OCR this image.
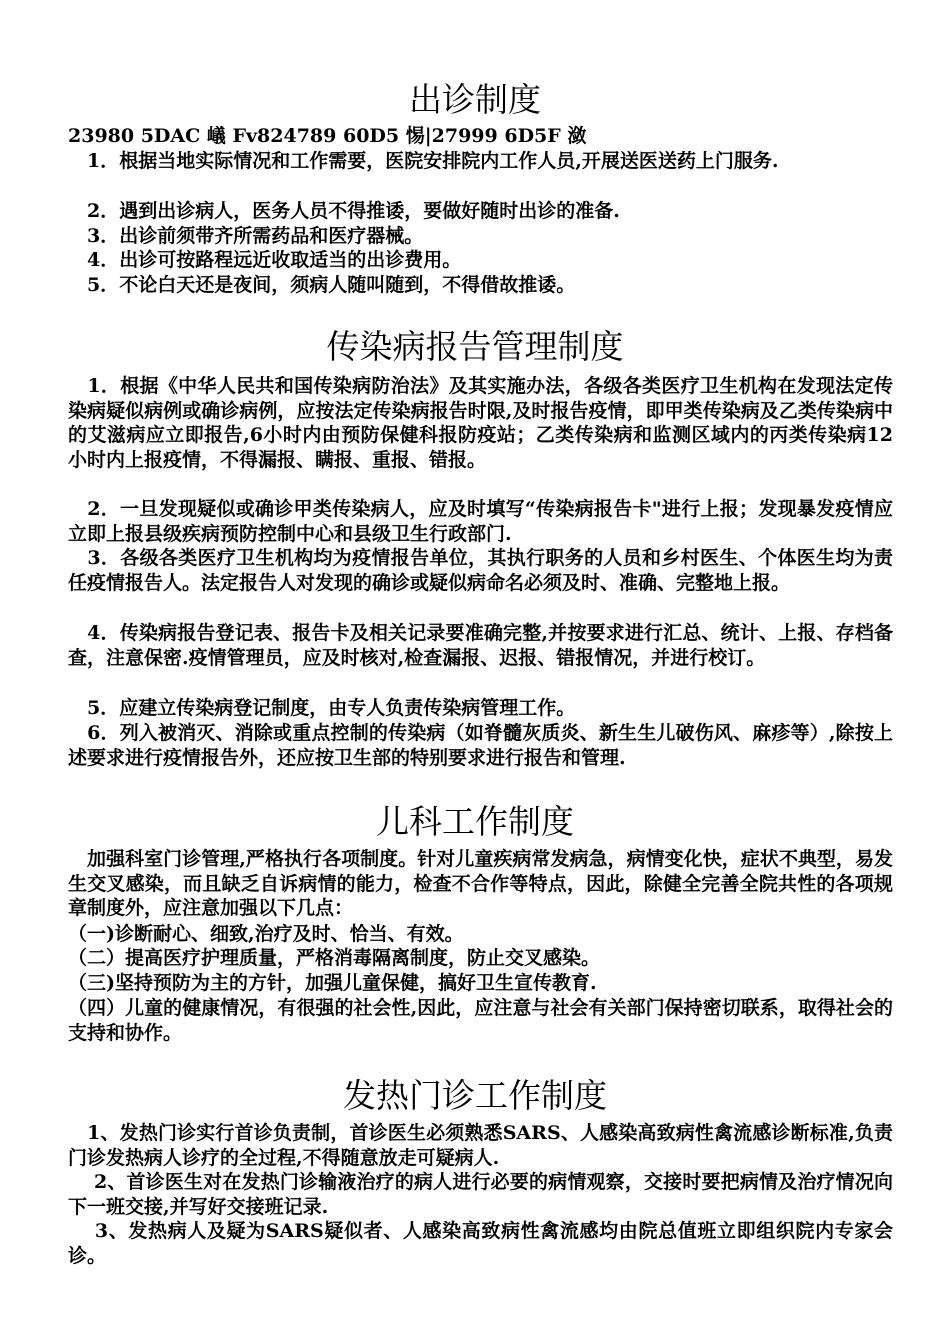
出诊制度
23980 5DAC 嶬 Fv824789 60D5 惕|27999 6D5F 潋
　1．根据当地实际情况和工作需要，医院安排院内工作人员,开展送医送药上门服务.
　2．遇到出诊病人，医务人员不得推诿，要做好随时出诊的准备.
　3．出诊前须带齐所需药品和医疗器械。
　4．出诊可按路程远近收取适当的出诊费用。
　5．不论白天还是夜间，须病人随叫随到，不得借故推诿。
传染病报告管理制度
　1．根据《中华人民共和国传染病防治法》及其实施办法，各级各类医疗卫生机构在发现法定传染病疑似病例或确诊病例，应按法定传染病报告时限,及时报告疫情，即甲类传染病及乙类传染病中的艾滋病应立即报告,6小时内由预防保健科报防疫站；乙类传染病和监测区域内的丙类传染病12小时内上报疫情，不得漏报、瞒报、重报、错报。
　2．一旦发现疑似或确诊甲类传染病人，应及时填写“传染病报告卡"进行上报；发现暴发疫情应立即上报县级疾病预防控制中心和县级卫生行政部门.
　3．各级各类医疗卫生机构均为疫情报告单位，其执行职务的人员和乡村医生、个体医生均为责任疫情报告人。法定报告人对发现的确诊或疑似病命名必须及时、准确、完整地上报。
　4．传染病报告登记表、报告卡及相关记录要准确完整,并按要求进行汇总、统计、上报、存档备查，注意保密.疫情管理员，应及时核对,检查漏报、迟报、错报情况，并进行校订。
　5．应建立传染病登记制度，由专人负责传染病管理工作。
　6．列入被消灭、消除或重点控制的传染病（如脊髓灰质炎、新生生儿破伤风、麻疹等）,除按上述要求进行疫情报告外，还应按卫生部的特别要求进行报告和管理.
儿科工作制度
　加强科室门诊管理,严格执行各项制度。针对儿童疾病常发病急，病情变化快，症状不典型，易发生交叉感染，而且缺乏自诉病情的能力，检查不合作等特点，因此，除健全完善全院共性的各项规章制度外，应注意加强以下几点：
（一)诊断耐心、细致,治疗及时、恰当、有效。
（二）提高医疗护理质量，严格消毒隔离制度，防止交叉感染。
（三)坚持预防为主的方针，加强儿童保健，搞好卫生宣传教育.
（四）儿童的健康情况，有很强的社会性,因此，应注意与社会有关部门保持密切联系，取得社会的支持和协作。
发热门诊工作制度
　1、发热门诊实行首诊负责制，首诊医生必须熟悉SARS、人感染高致病性禽流感诊断标准,负责门诊发热病人诊疗的全过程,不得随意放走可疑病人.
　 2、首诊医生对在发热门诊输液治疗的病人进行必要的病情观察，交接时要把病情及治疗情况向下一班交接,并写好交接班记录.
　 3、发热病人及疑为SARS疑似者、人感染高致病性禽流感均由院总值班立即组织院内专家会诊。
